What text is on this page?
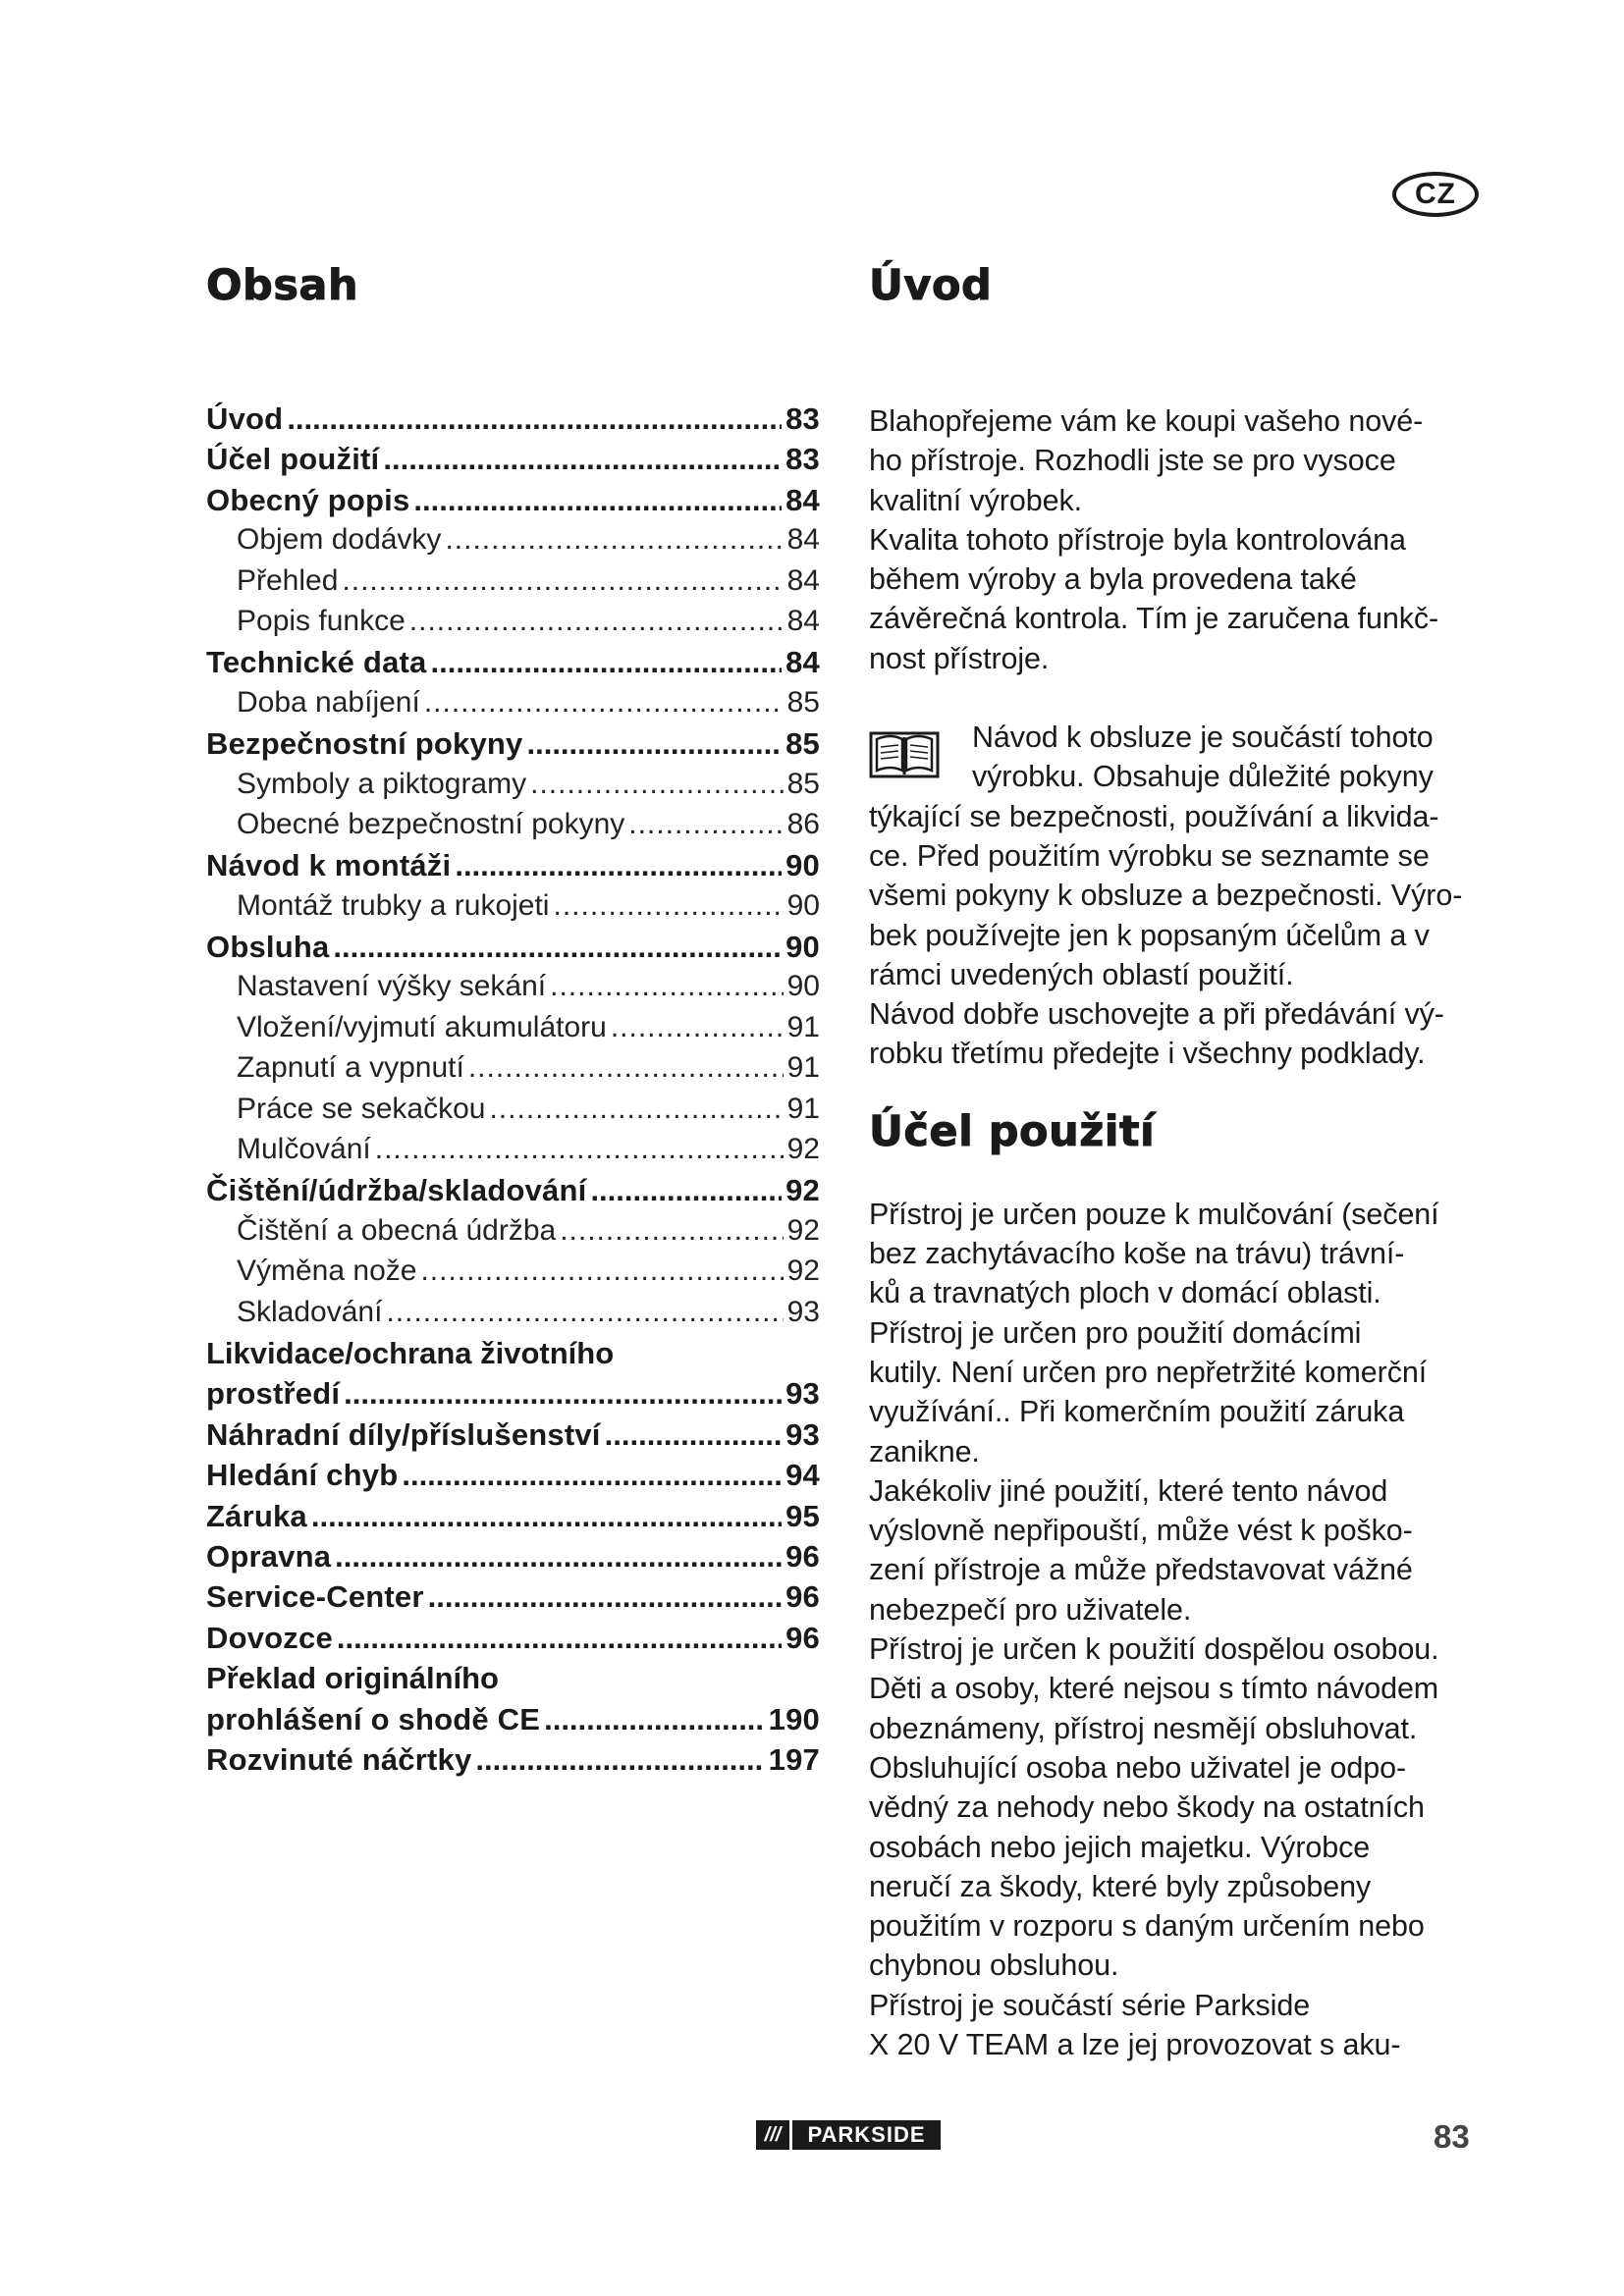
CZ
Obsah
Úvod .....	83
Účel použití .....	83
Obecný popis .....	84
Objem dodávky .....	84
Přehled .....	84
Popis funkce .....	84
Technické data .....	84
Doba nabíjení .....	85
Bezpečnostní pokyny .....	85
Symboly a piktogramy .....	85
Obecné bezpečnostní pokyny .....	86
Návod k montáži .....	90
Montáž trubky a rukojeti .....	90
Obsluha .....	90
Nastavení výšky sekání .....	90
Vložení/vyjmutí akumulátoru .....	91
Zapnutí a vypnutí .....	91
Práce se sekačkou .....	91
Mulčování .....	92
Čištění/údržba/skladování .....	92
Čištění a obecná údržba .....	92
Výměna nože .....	92
Skladování .....	93
Likvidace/ochrana životního
prostředí .....	93
Náhradní díly/příslušenství .....	93
Hledání chyb .....	94
Záruka .....	95
Opravna .....	96
Service-Center .....	96
Dovozce .....	96
Překlad originálního
prohlášení o shodě CE .....	190
Rozvinuté náčrtky .....	197
Úvod
Blahopřejeme vám ke koupi vašeho nové-
ho přístroje. Rozhodli jste se pro vysoce
kvalitní výrobek.
Kvalita tohoto přístroje byla kontrolována
během výroby a byla provedena také
závěrečná kontrola. Tím je zaručena funkč-
nost přístroje.
Návod k obsluze je součástí tohoto
výrobku. Obsahuje důležité pokyny
týkající se bezpečnosti, používání a likvida-
ce. Před použitím výrobku se seznamte se
všemi pokyny k obsluze a bezpečnosti. Výro-
bek používejte jen k popsaným účelům a v
rámci uvedených oblastí použití.
Návod dobře uschovejte a při předávání vý-
robku třetímu předejte i všechny podklady.
Účel použití
Přístroj je určen pouze k mulčování (sečení
bez zachytávacího koše na trávu) trávní-
ků a travnatých ploch v domácí oblasti.
Přístroj je určen pro použití domácími
kutily. Není určen pro nepřetržité komerční
využívání.. Při komerčním použití záruka
zanikne.
Jakékoliv jiné použití, které tento návod
výslovně nepřipouští, může vést k poško-
zení přístroje a může představovat vážné
nebezpečí pro uživatele.
Přístroj je určen k použití dospělou osobou.
Děti a osoby, které nejsou s tímto návodem
obeznámeny, přístroj nesmějí obsluhovat.
Obsluhující osoba nebo uživatel je odpo-
vědný za nehody nebo škody na ostatních
osobách nebo jejich majetku. Výrobce
neručí za škody, které byly způsobeny
použitím v rozporu s daným určením nebo
chybnou obsluhou.
Přístroj je součástí série Parkside
X 20 V TEAM a lze jej provozovat s aku-
///	PARKSIDE	83
